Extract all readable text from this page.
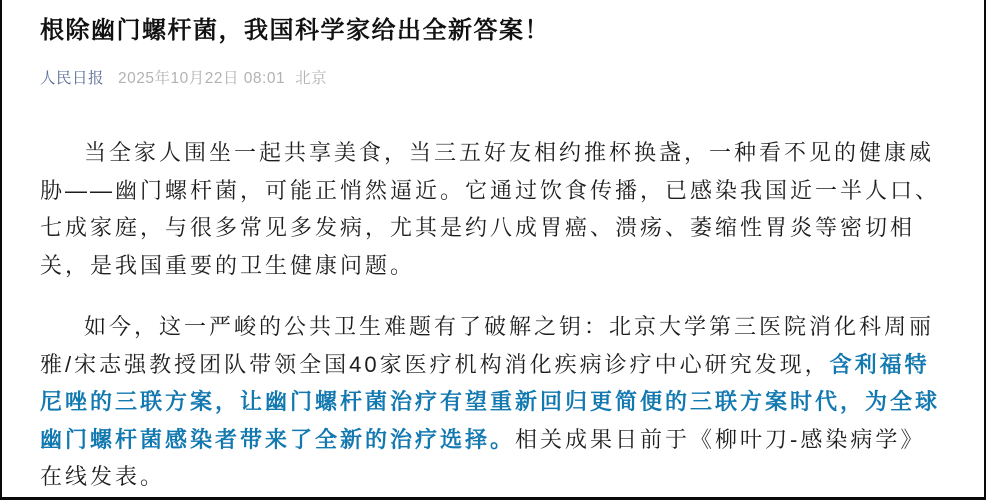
根除幽门螺杆菌，我国科学家给出全新答案！
人民日报 2025年10月22日 08:01 北京

当全家人围坐一起共享美食，当三五好友相约推杯换盏，一种看不见的健康威胁——幽门螺杆菌，可能正悄然逼近。它通过饮食传播，已感染我国近一半人口、七成家庭，与很多常见多发病，尤其是约八成胃癌、溃疡、萎缩性胃炎等密切相关，是我国重要的卫生健康问题。

如今，这一严峻的公共卫生难题有了破解之钥：北京大学第三医院消化科周丽雅/宋志强教授团队带领全国40家医疗机构消化疾病诊疗中心研究发现，含利福特尼唑的三联方案，让幽门螺杆菌治疗有望重新回归更简便的三联方案时代，为全球幽门螺杆菌感染者带来了全新的治疗选择。相关成果日前于《柳叶刀-感染病学》在线发表。
